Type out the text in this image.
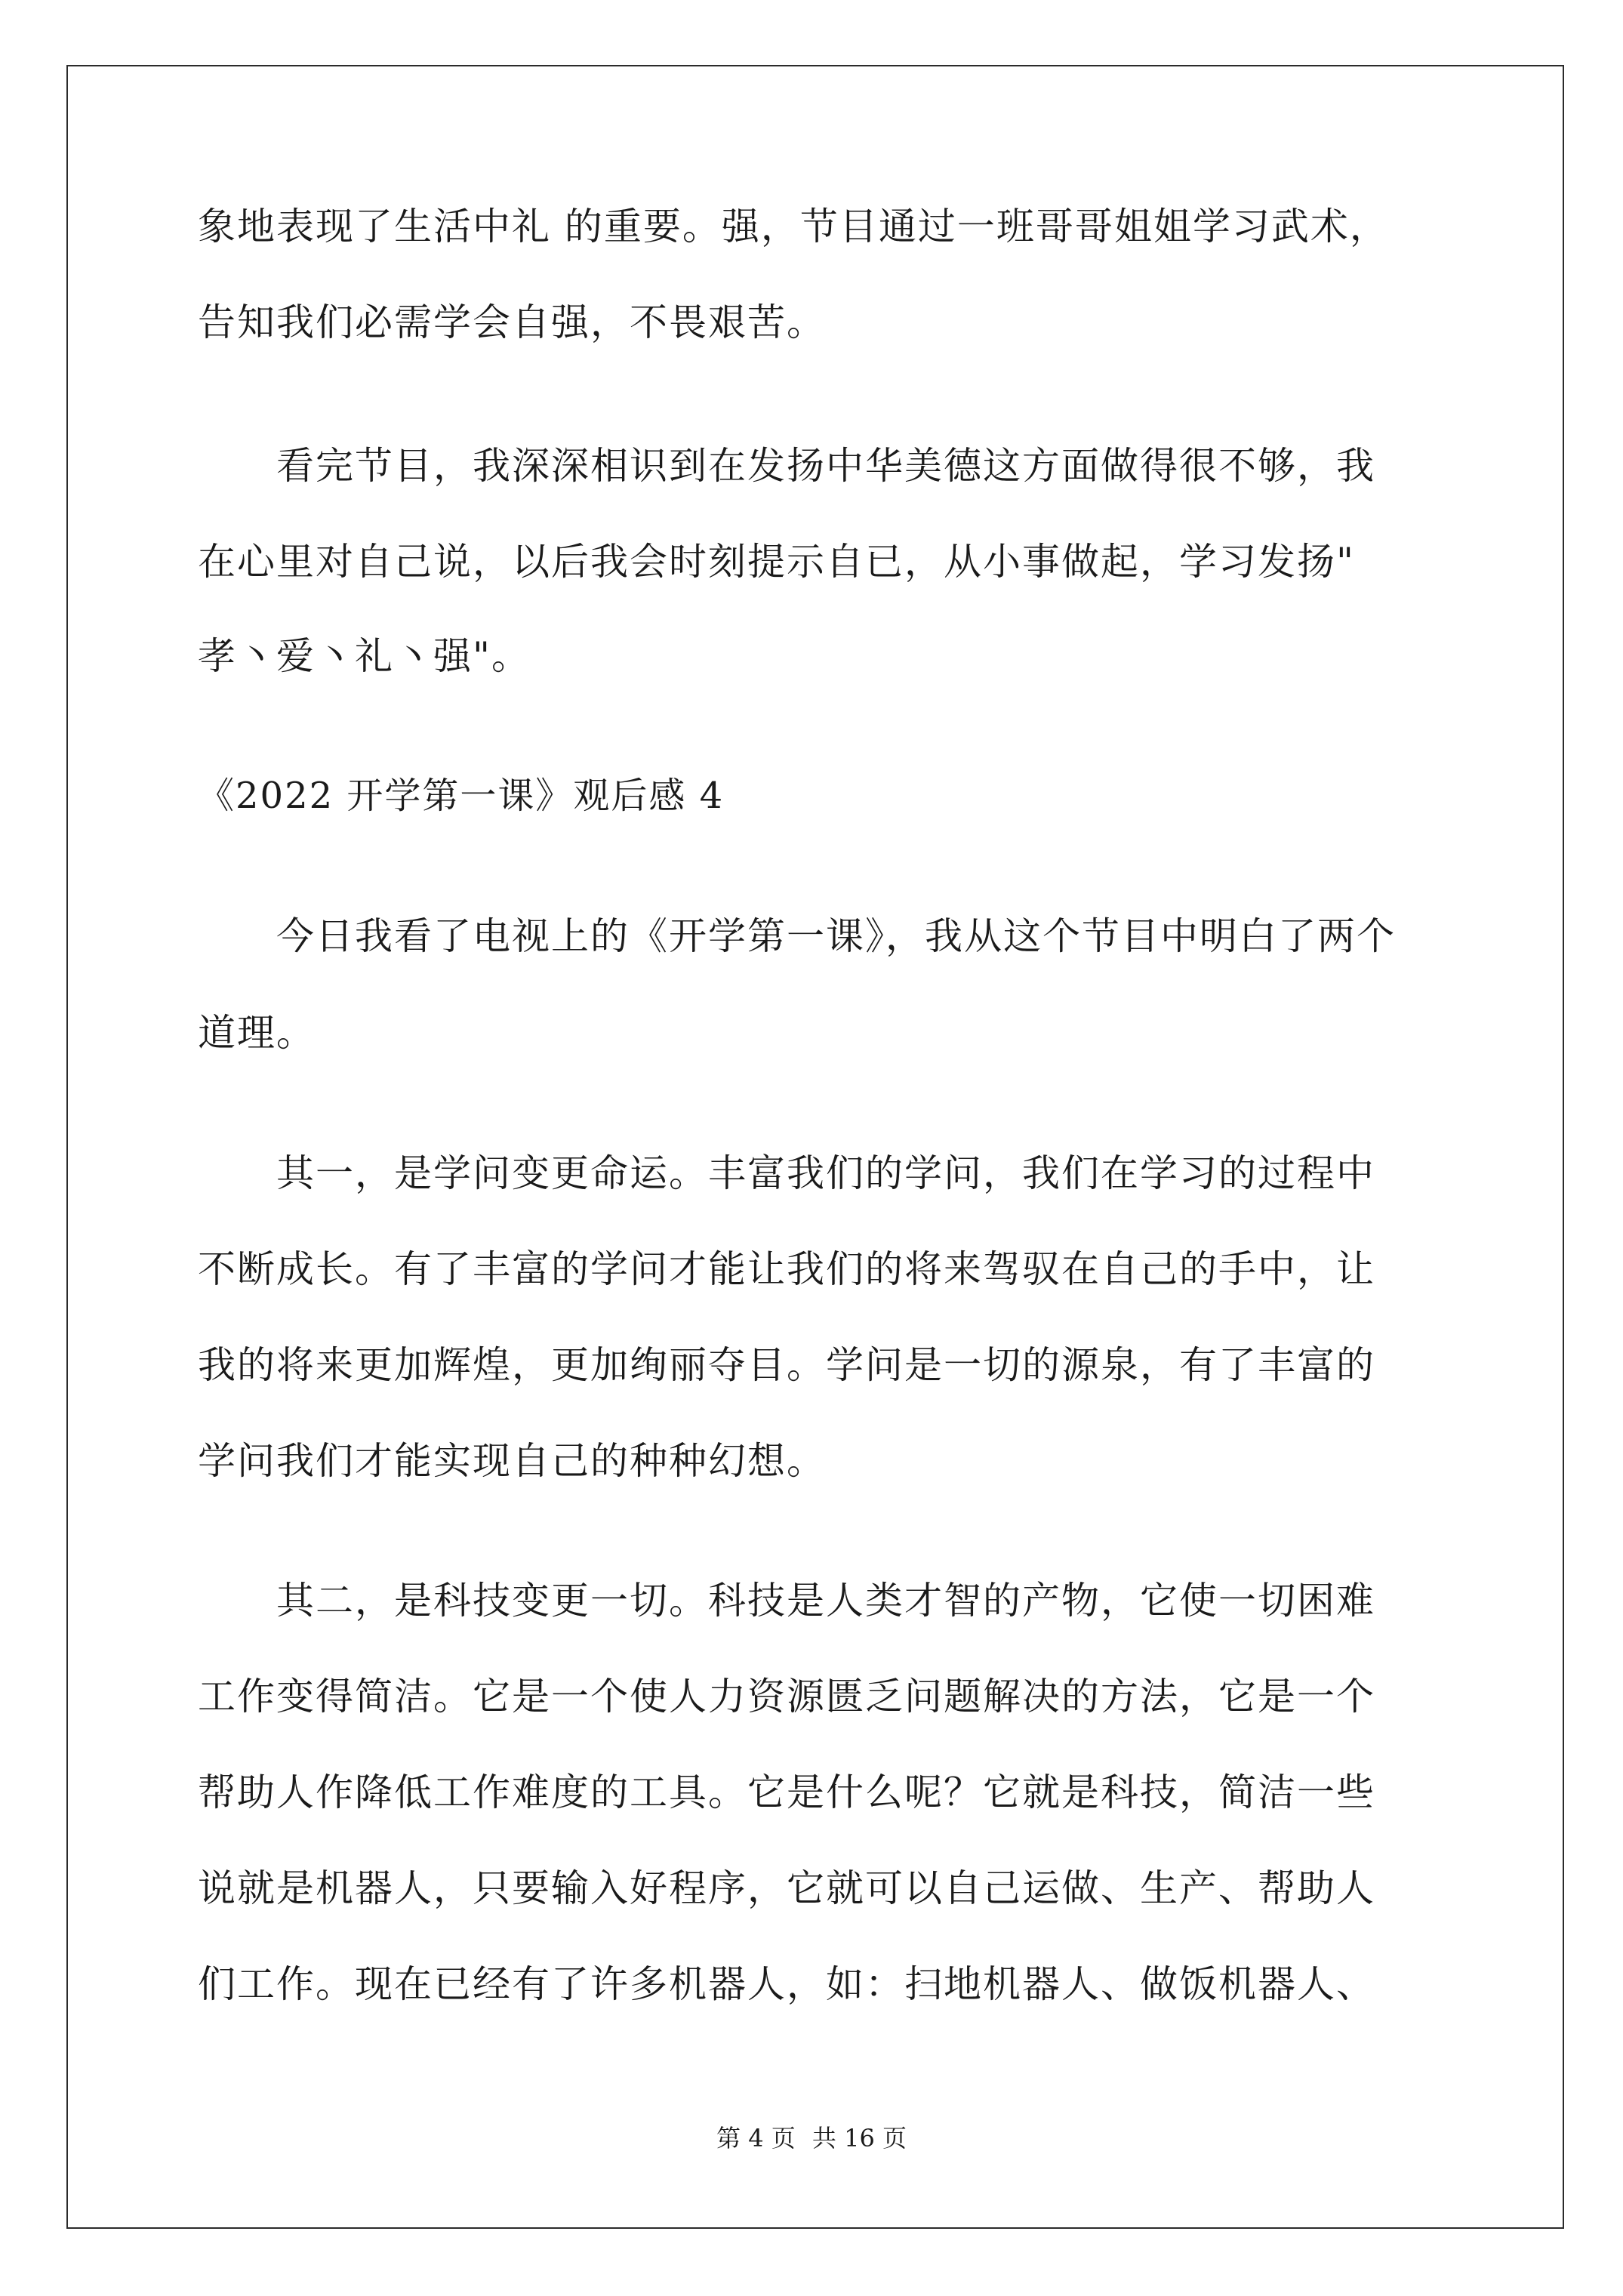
象地表现了生活中礼 的重要。强，节目通过一班哥哥姐姐学习武术，
告知我们必需学会自强，不畏艰苦。
　　看完节目，我深深相识到在发扬中华美德这方面做得很不够，我
在心里对自己说，以后我会时刻提示自已，从小事做起，学习发扬"
孝丶爱丶礼丶强"。
《2022 开学第一课》观后感 4
　　今日我看了电视上的《开学第一课》，我从这个节目中明白了两个
道理。
　　其一，是学问变更命运。丰富我们的学问，我们在学习的过程中
不断成长。有了丰富的学问才能让我们的将来驾驭在自己的手中，让
我的将来更加辉煌，更加绚丽夺目。学问是一切的源泉，有了丰富的
学问我们才能实现自己的种种幻想。
　　其二，是科技变更一切。科技是人类才智的产物，它使一切困难
工作变得简洁。它是一个使人力资源匮乏问题解决的方法，它是一个
帮助人作降低工作难度的工具。它是什么呢？它就是科技，简洁一些
说就是机器人，只要输入好程序，它就可以自己运做、生产、帮助人
们工作。现在已经有了许多机器人，如：扫地机器人、做饭机器人、
第 4 页 共 16 页
